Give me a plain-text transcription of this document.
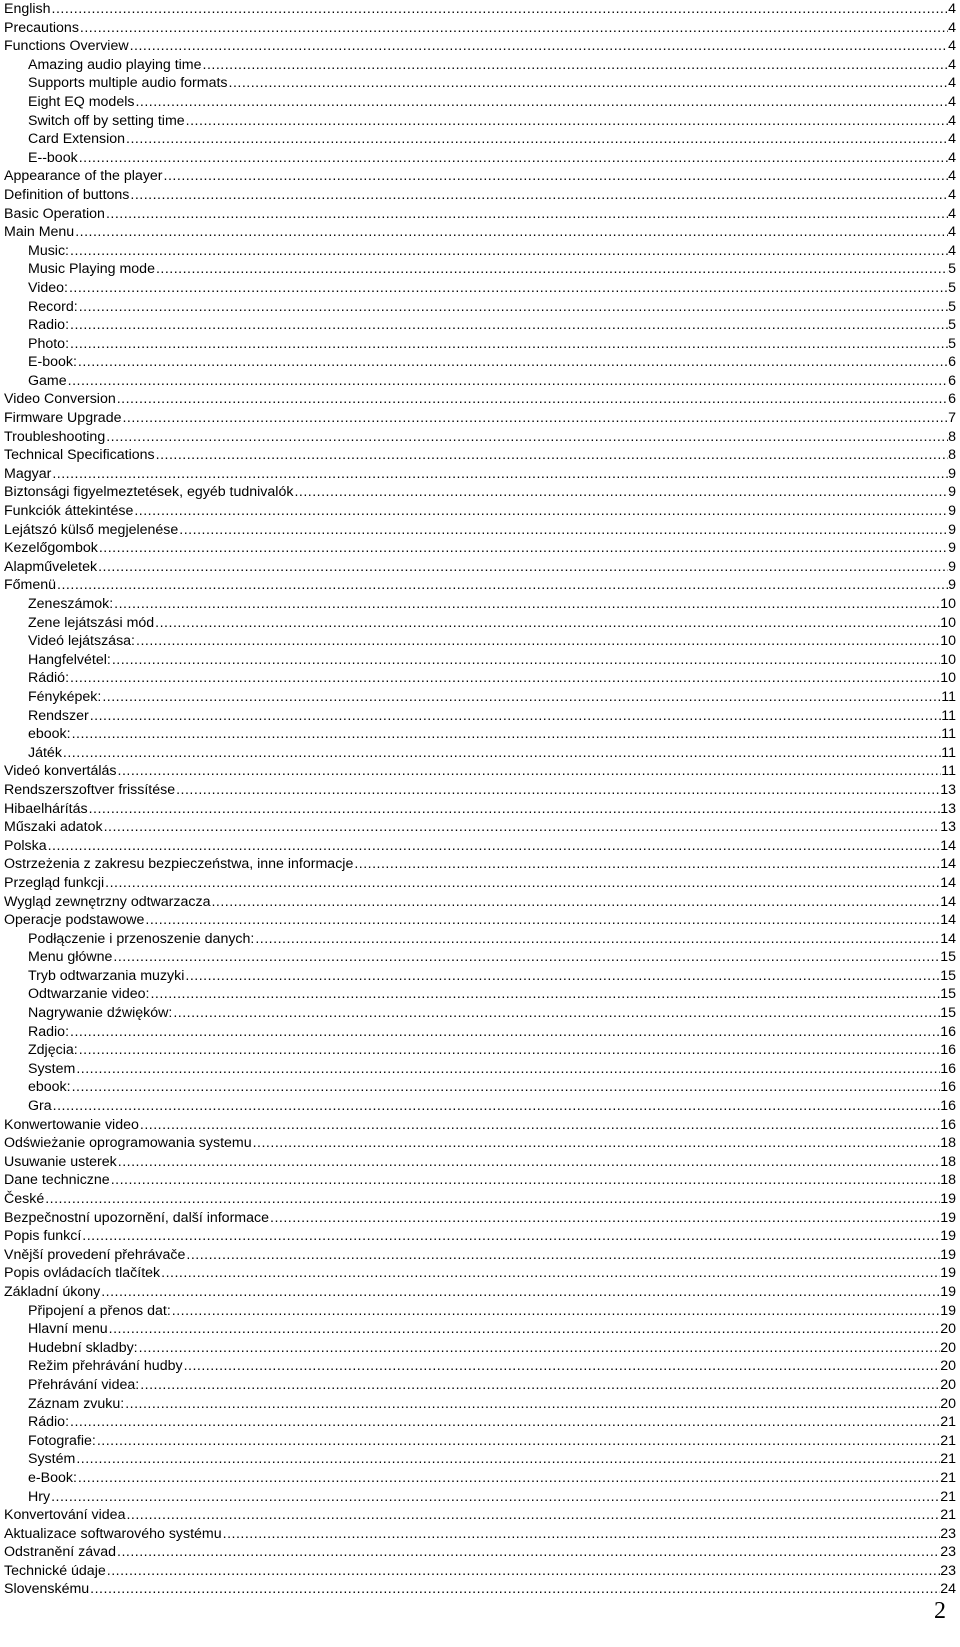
English .....	4
Precautions .....	4
Functions Overview .....	4
Amazing audio playing time .....	4
Supports multiple audio formats .....	4
Eight EQ models .....	4
Switch off by setting time .....	4
Card Extension .....	4
E--book .....	4
Appearance of the player .....	4
Definition of buttons .....	4
Basic Operation .....	4
Main Menu .....	4
Music: .....	4
Music Playing mode .....	5
Video: .....	5
Record: .....	5
Radio: .....	5
Photo: .....	5
E-book: .....	6
Game .....	6
Video Conversion .....	6
Firmware Upgrade .....	7
Troubleshooting .....	8
Technical Specifications .....	8
Magyar .....	9
Biztonsági figyelmeztetések, egyéb tudnivalók .....	9
Funkciók áttekintése .....	9
Lejátszó külső megjelenése .....	9
Kezelőgombok .....	9
Alapműveletek .....	9
Főmenü .....	9
Zeneszámok: .....	10
Zene lejátszási mód .....	10
Videó lejátszása: .....	10
Hangfelvétel: .....	10
Rádió: .....	10
Fényképek: .....	11
Rendszer .....	11
ebook: .....	11
Játék .....	11
Videó konvertálás .....	11
Rendszerszoftver frissítése .....	13
Hibaelhárítás .....	13
Műszaki adatok .....	13
Polska .....	14
Ostrzeżenia z zakresu bezpieczeństwa, inne informacje .....	14
Przegląd funkcji .....	14
Wygląd zewnętrzny odtwarzacza .....	14
Operacje podstawowe .....	14
Podłączenie i przenoszenie danych: .....	14
Menu główne .....	15
Tryb odtwarzania muzyki .....	15
Odtwarzanie video: .....	15
Nagrywanie dźwięków: .....	15
Radio: .....	16
Zdjęcia: .....	16
System .....	16
ebook: .....	16
Gra .....	16
Konwertowanie video .....	16
Odświeżanie oprogramowania systemu .....	18
Usuwanie usterek .....	18
Dane techniczne .....	18
České .....	19
Bezpečnostní upozornění, další informace .....	19
Popis funkcí .....	19
Vnější provedení přehrávače .....	19
Popis ovládacích tlačítek .....	19
Základní úkony .....	19
Připojení a přenos dat: .....	19
Hlavní menu .....	20
Hudební skladby: .....	20
Režim přehrávání hudby .....	20
Přehrávání videa: .....	20
Záznam zvuku: .....	20
Rádio: .....	21
Fotografie: .....	21
Systém .....	21
e-Book: .....	21
Hry .....	21
Konvertování videa .....	21
Aktualizace softwarového systému .....	23
Odstranění závad .....	23
Technické údaje .....	23
Slovenskému .....	24
2
